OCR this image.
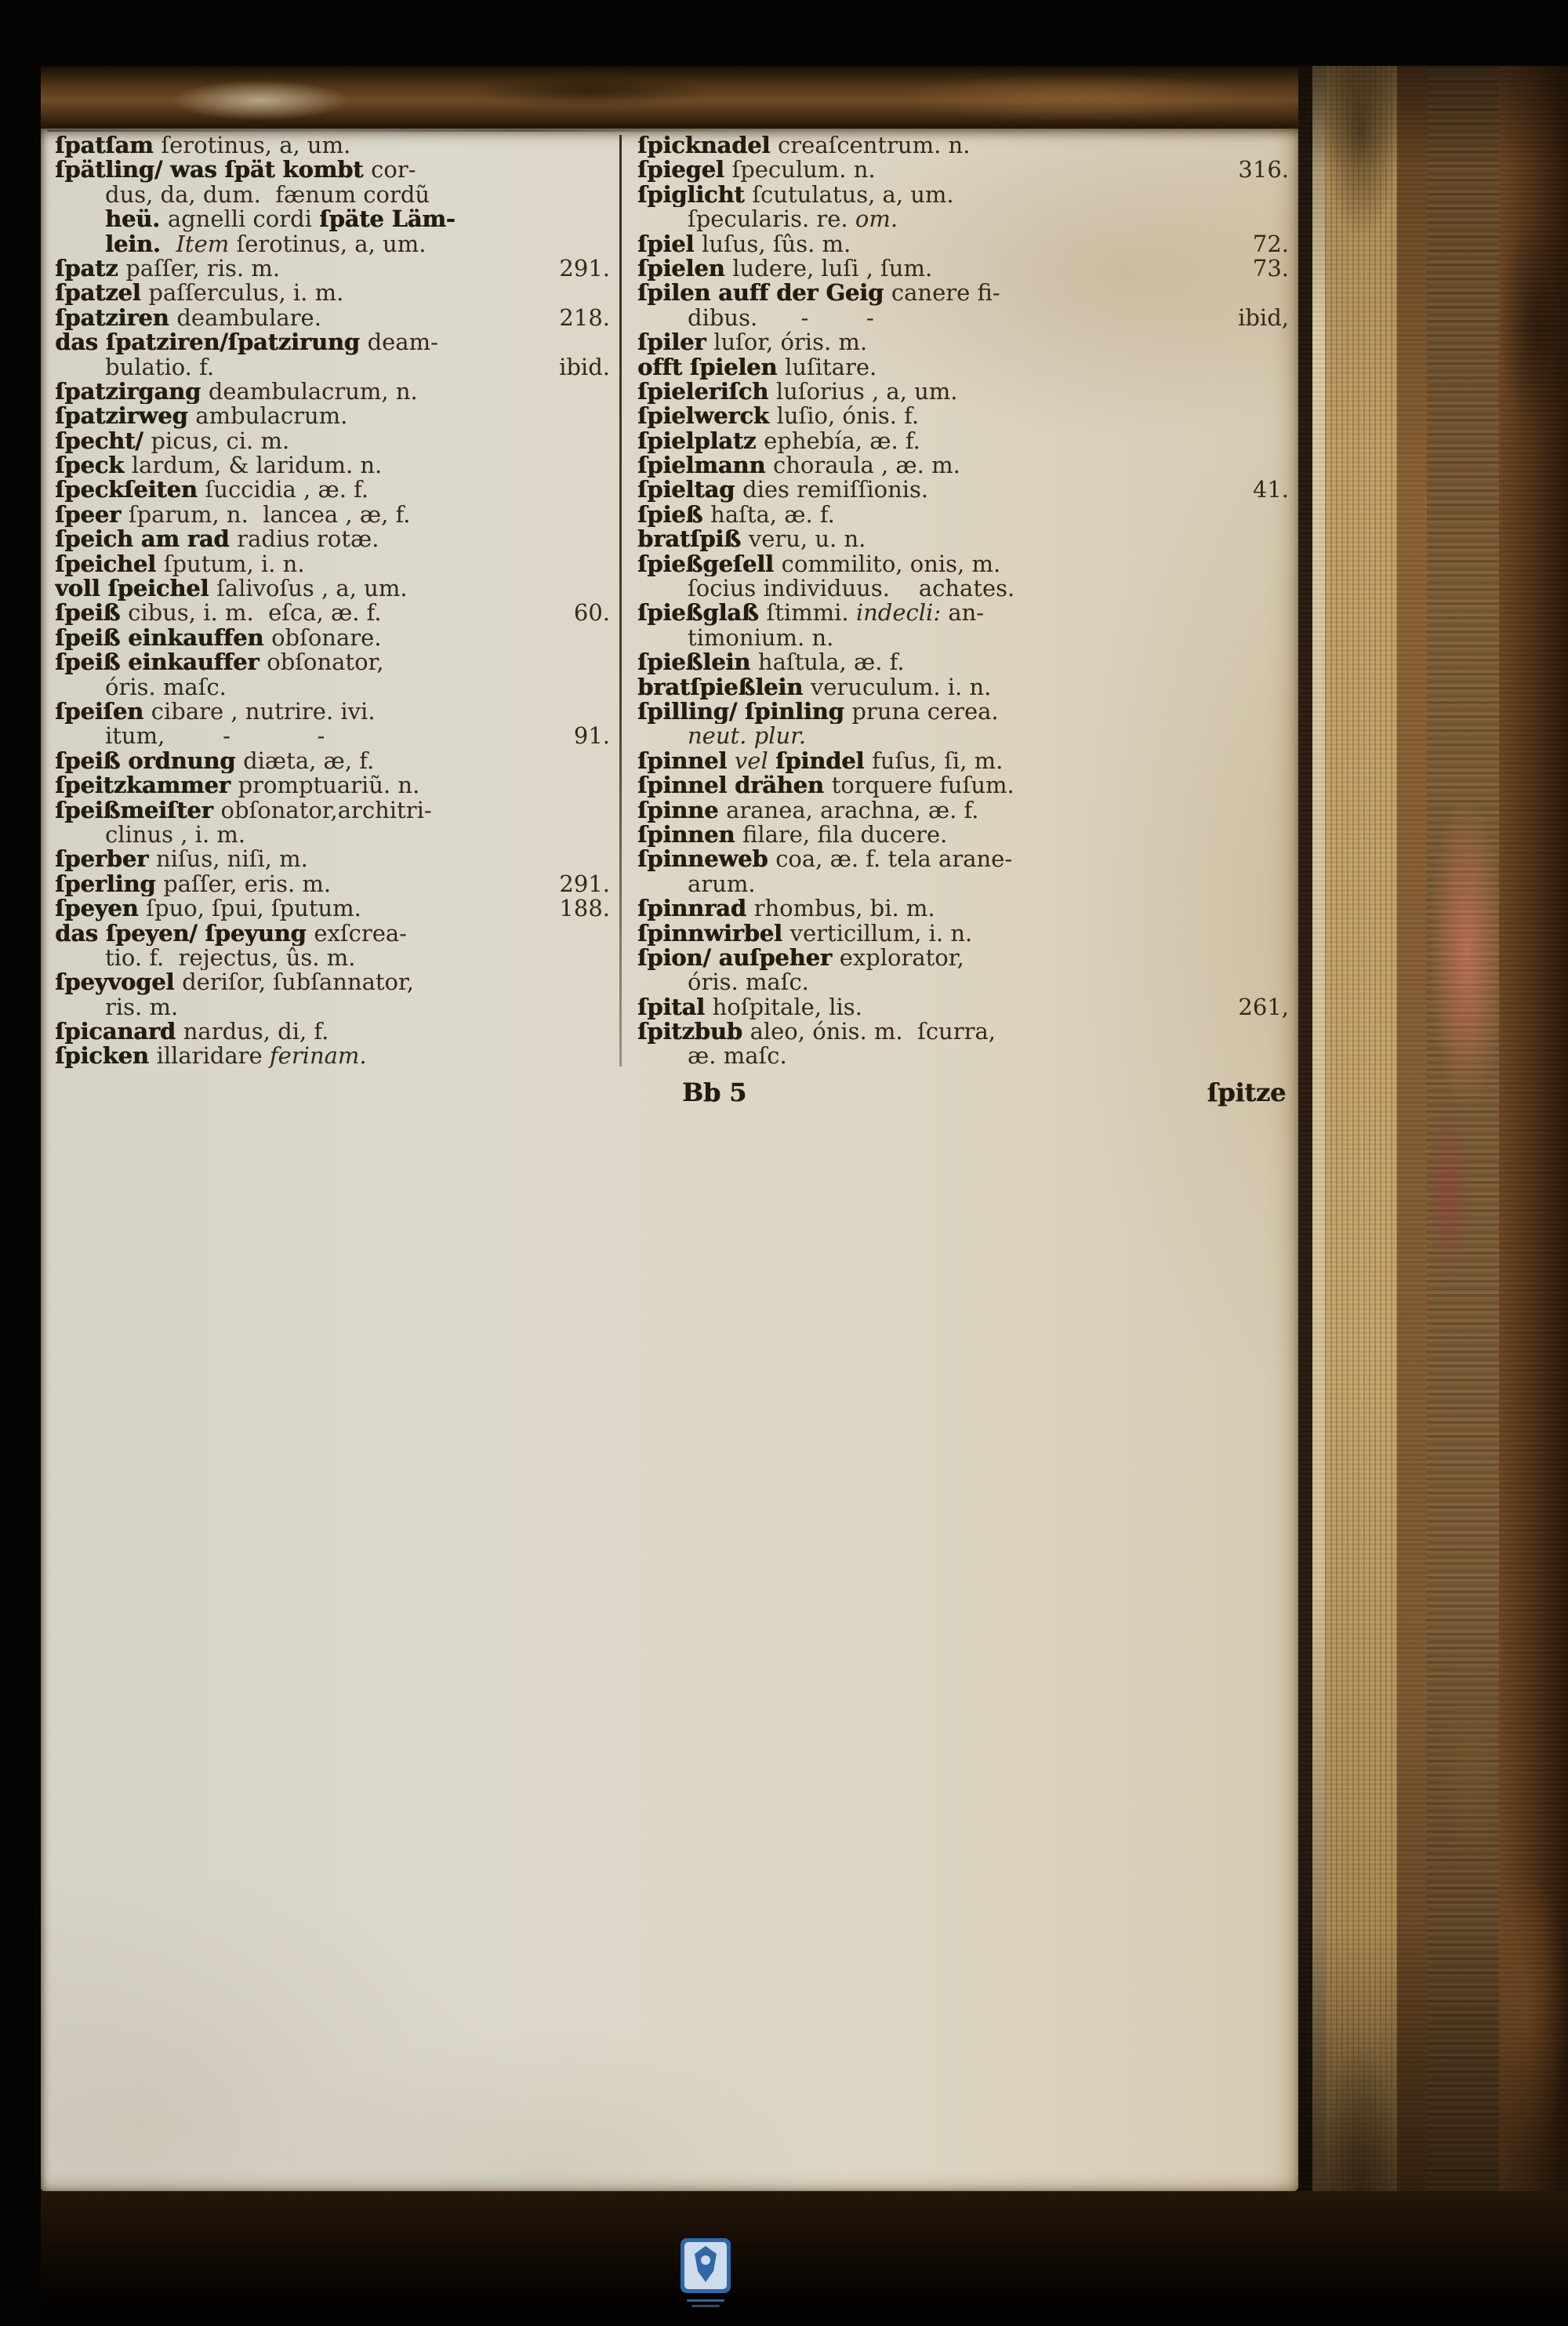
ſpatſam ſerotinus, a, um.
ſpätling/ was ſpät kombt cor-
dus, da, dum.  fænum cordũ
heü. agnelli cordi ſpäte Läm-
lein. Item ſerotinus, a, um.
ſpatz paſſer, ris. m.	291.
ſpatzel paſſerculus, i. m.
ſpatziren deambulare.	218.
das ſpatziren/ſpatzirung deam-
bulatio. f.	ibid.
ſpatzirgang deambulacrum, n.
ſpatzirweg ambulacrum.
ſpecht/ picus, ci. m.
ſpeck lardum, & laridum. n.
ſpeckſeiten ſuccidia , æ. f.
ſpeer ſparum, n.  lancea , æ, f.
ſpeich am rad radius rotæ.
ſpeichel ſputum, i. n.
voll ſpeichel ſalivoſus , a, um.
ſpeiß cibus, i. m.  eſca, æ. f.	60.
ſpeiß einkauffen obſonare.
ſpeiß einkauffer obſonator,
óris. maſc.
ſpeiſen cibare , nutrire. ivi.
itum,        -            -	91.
ſpeiß ordnung diæta, æ, f.
ſpeitzkammer promptuariũ. n.
ſpeißmeiſter obſonator,architri-
clinus , i. m.
ſperber niſus, niſi, m.
ſperling paſſer, eris. m.	291.
ſpeyen ſpuo, ſpui, ſputum.	188.
das ſpeyen/ ſpeyung exſcrea-
tio. f.  rejectus, ûs. m.
ſpeyvogel deriſor, ſubſannator,
ris. m.
ſpicanard nardus, di, f.
ſpicken illaridare ferinam.
ſpicknadel creaſcentrum. n.
ſpiegel ſpeculum. n.	316.
ſpiglicht ſcutulatus, a, um.
ſpecularis. re. om.
ſpiel luſus, ſûs. m.	72.
ſpielen ludere, luſi , ſum.	73.
ſpilen auff der Geig canere fi-
dibus.      -        -	ibid,
ſpiler luſor, óris. m.
offt ſpielen luſitare.
ſpieleriſch luſorius , a, um.
ſpielwerck luſio, ónis. f.
ſpielplatz ephebía, æ. f.
ſpielmann choraula , æ. m.
ſpieltag dies remiſſionis.	41.
ſpieß haſta, æ. f.
bratſpiß veru, u. n.
ſpießgeſell commilito, onis, m.
ſocius individuus.    achates.
ſpießglaß ſtimmi. indecli: an-
timonium. n.
ſpießlein haſtula, æ. f.
bratſpießlein veruculum. i. n.
ſpilling/ ſpinling pruna cerea.
neut. plur.
ſpinnel vel ſpindel fuſus, ſi, m.
ſpinnel drähen torquere fuſum.
ſpinne aranea, arachna, æ. f.
ſpinnen filare, fila ducere.
ſpinneweb coa, æ. f. tela arane-
arum.
ſpinnrad rhombus, bi. m.
ſpinnwirbel verticillum, i. n.
ſpion/ auſpeher explorator,
óris. maſc.
ſpital hoſpitale, lis.	261,
ſpitzbub aleo, ónis. m.  ſcurra,
æ. maſc.
Bb 5	ſpitze
